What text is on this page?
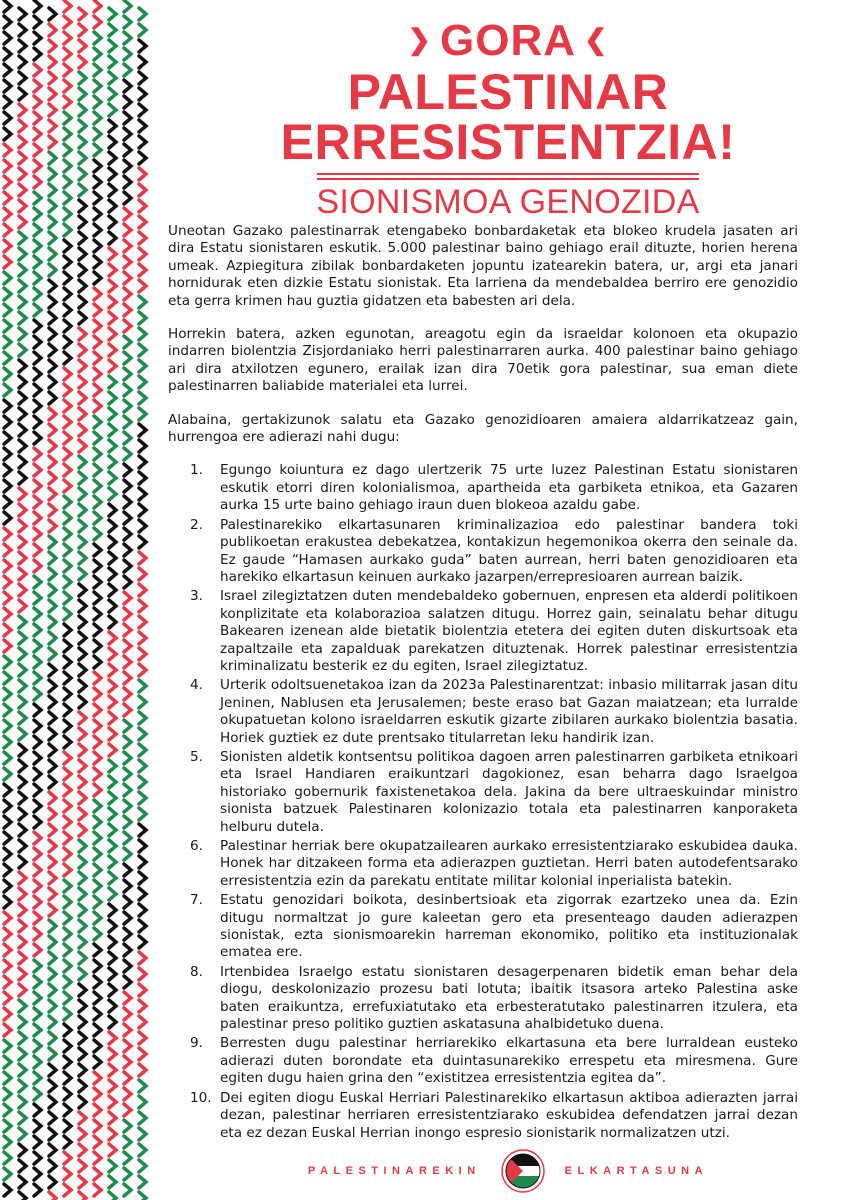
❯ GORA ❮
PALESTINAR
ERRESISTENTZIA!
SIONISMOA GENOZIDA

Uneotan Gazako palestinarrak etengabeko bonbardaketak eta blokeo krudela jasaten ari dira Estatu sionistaren eskutik. 5.000 palestinar baino gehiago erail dituzte, horien herena umeak. Azpiegitura zibilak bonbardaketen jopuntu izatearekin batera, ur, argi eta janari hornidurak eten dizkie Estatu sionistak. Eta larriena da mendebaldea berriro ere genozidio eta gerra krimen hau guztia gidatzen eta babesten ari dela.

Horrekin batera, azken egunotan, areagotu egin da israeldar kolonoen eta okupazio indarren biolentzia Zisjordaniako herri palestinarraren aurka. 400 palestinar baino gehiago ari dira atxilotzen egunero, erailak izan dira 70etik gora palestinar, sua eman diete palestinarren baliabide materialei eta lurrei.

Alabaina, gertakizunok salatu eta Gazako genozidioaren amaiera aldarrikatzeaz gain, hurrengoa ere adierazi nahi dugu:

1.	Egungo koiuntura ez dago ulertzerik 75 urte luzez Palestinan Estatu sionistaren eskutik etorri diren kolonialismoa, apartheida eta garbiketa etnikoa, eta Gazaren aurka 15 urte baino gehiago iraun duen blokeoa azaldu gabe.
2.	Palestinarekiko elkartasunaren kriminalizazioa edo palestinar bandera toki publikoetan erakustea debekatzea, kontakizun hegemonikoa okerra den seinale da. Ez gaude “Hamasen aurkako guda” baten aurrean, herri baten genozidioaren eta harekiko elkartasun keinuen aurkako jazarpen/errepresioaren aurrean baizik.
3.	Israel zilegiztatzen duten mendebaldeko gobernuen, enpresen eta alderdi politikoen konplizitate eta kolaborazioa salatzen ditugu. Horrez gain, seinalatu behar ditugu Bakearen izenean alde bietatik biolentzia etetera dei egiten duten diskurtsoak eta zapaltzaile eta zapalduak parekatzen dituztenak. Horrek palestinar erresistentzia kriminalizatu besterik ez du egiten, Israel zilegiztatuz.
4.	Urterik odoltsuenetakoa izan da 2023a Palestinarentzat: inbasio militarrak jasan ditu Jeninen, Nablusen eta Jerusalemen; beste eraso bat Gazan maiatzean; eta lurralde okupatuetan kolono israeldarren eskutik gizarte zibilaren aurkako biolentzia basatia. Horiek guztiek ez dute prentsako titularretan leku handirik izan.
5.	Sionisten aldetik kontsentsu politikoa dagoen arren palestinarren garbiketa etnikoari eta Israel Handiaren eraikuntzari dagokionez, esan beharra dago Israelgoa historiako gobernurik faxistenetakoa dela. Jakina da bere ultraeskuindar ministro sionista batzuek Palestinaren kolonizazio totala eta palestinarren kanporaketa helburu dutela.
6.	Palestinar herriak bere okupatzailearen aurkako erresistentziarako eskubidea dauka. Honek har ditzakeen forma eta adierazpen guztietan. Herri baten autodefentsarako erresistentzia ezin da parekatu entitate militar kolonial inperialista batekin.
7.	Estatu genozidari boikota, desinbertsioak eta zigorrak ezartzeko unea da. Ezin ditugu normaltzat jo gure kaleetan gero eta presenteago dauden adierazpen sionistak, ezta sionismoarekin harreman ekonomiko, politiko eta instituzionalak ematea ere.
8.	Irtenbidea Israelgo estatu sionistaren desagerpenaren bidetik eman behar dela diogu, deskolonizazio prozesu bati lotuta; ibaitik itsasora arteko Palestina aske baten eraikuntza, errefuxiatutako eta erbesteratutako palestinarren itzulera, eta palestinar preso politiko guztien askatasuna ahalbidetuko duena.
9.	Berresten dugu palestinar herriarekiko elkartasuna eta bere lurraldean eusteko adierazi duten borondate eta duintasunarekiko errespetu eta miresmena. Gure egiten dugu haien grina den “existitzea erresistentzia egitea da”.
10. Dei egiten diogu Euskal Herriari Palestinarekiko elkartasun aktiboa adierazten jarrai dezan, palestinar herriaren erresistentziarako eskubidea defendatzen jarrai dezan eta ez dezan Euskal Herrian inongo espresio sionistarik normalizatzen utzi.
PALESTINAREKIN	ELKARTASUNA
